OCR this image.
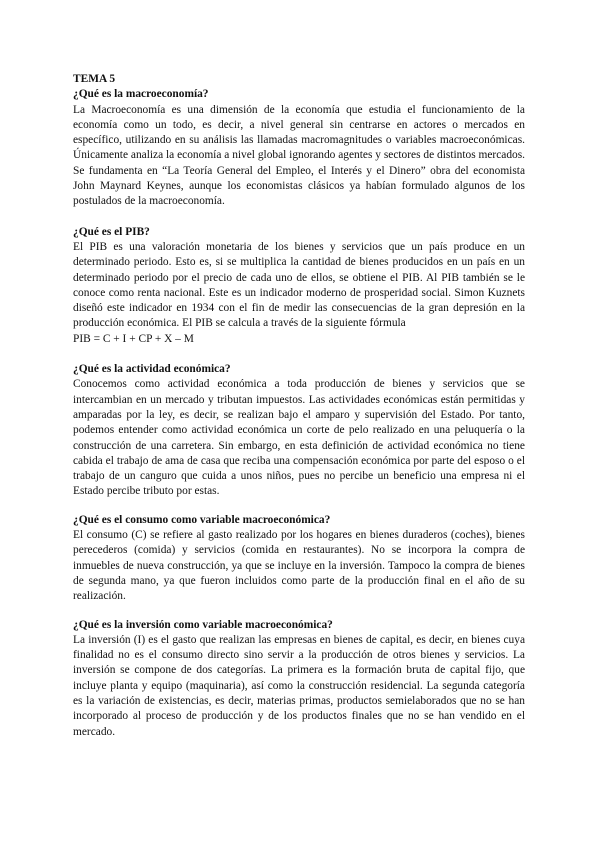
TEMA 5

¿Qué es la macroeconomía?

La Macroeconomía es una dimensión de la economía que estudia el funcionamiento de la economía como un todo, es decir, a nivel general sin centrarse en actores o mercados en específico, utilizando en su análisis las llamadas macromagnitudes o variables macroeconómicas. Únicamente analiza la economía a nivel global ignorando agentes y sectores de distintos mercados. Se fundamenta en “La Teoría General del Empleo, el Interés y el Dinero” obra del economista John Maynard Keynes, aunque los economistas clásicos ya habían formulado algunos de los postulados de la macroeconomía.

¿Qué es el PIB?

El PIB es una valoración monetaria de los bienes y servicios que un país produce en un determinado periodo. Esto es, si se multiplica la cantidad de bienes producidos en un país en un determinado periodo por el precio de cada uno de ellos, se obtiene el PIB. Al PIB también se le conoce como renta nacional. Este es un indicador moderno de prosperidad social. Simon Kuznets diseñó este indicador en 1934 con el fin de medir las consecuencias de la gran depresión en la producción económica. El PIB se calcula a través de la siguiente fórmula

PIB = C + I + CP + X – M

¿Qué es la actividad económica?

Conocemos como actividad económica a toda producción de bienes y servicios que se intercambian en un mercado y tributan impuestos. Las actividades económicas están permitidas y amparadas por la ley, es decir, se realizan bajo el amparo y supervisión del Estado. Por tanto, podemos entender como actividad económica un corte de pelo realizado en una peluquería o la construcción de una carretera. Sin embargo, en esta definición de actividad económica no tiene cabida el trabajo de ama de casa que reciba una compensación económica por parte del esposo o el trabajo de un canguro que cuida a unos niños, pues no percibe un beneficio una empresa ni el Estado percibe tributo por estas.

¿Qué es el consumo como variable macroeconómica?

El consumo (C) se refiere al gasto realizado por los hogares en bienes duraderos (coches), bienes perecederos (comida) y servicios (comida en restaurantes). No se incorpora la compra de inmuebles de nueva construcción, ya que se incluye en la inversión. Tampoco la compra de bienes de segunda mano, ya que fueron incluidos como parte de la producción final en el año de su realización.

¿Qué es la inversión como variable macroeconómica?

La inversión (I) es el gasto que realizan las empresas en bienes de capital, es decir, en bienes cuya finalidad no es el consumo directo sino servir a la producción de otros bienes y servicios. La inversión se compone de dos categorías. La primera es la formación bruta de capital fijo, que incluye planta y equipo (maquinaria), así como la construcción residencial. La segunda categoría es la variación de existencias, es decir, materias primas, productos semielaborados que no se han incorporado al proceso de producción y de los productos finales que no se han vendido en el mercado.
